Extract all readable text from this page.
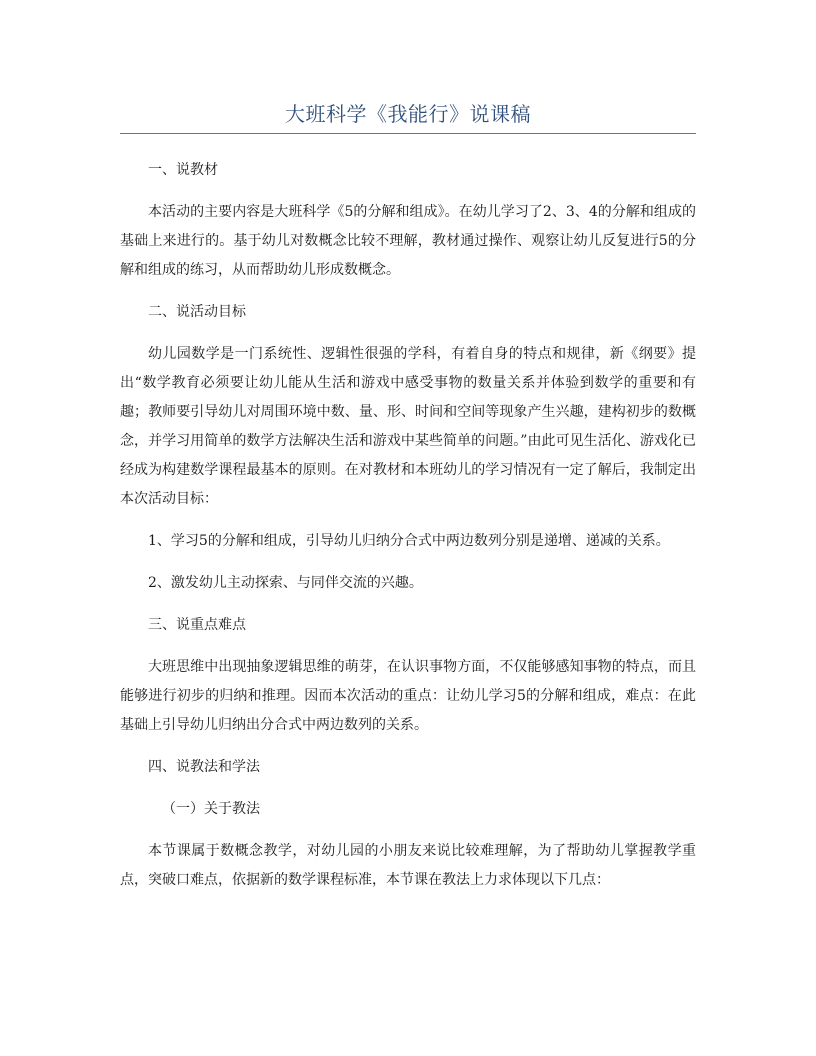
大班科学《我能行》说课稿

一、说教材

本活动的主要内容是大班科学《5的分解和组成》。在幼儿学习了2、3、4的分解和组成的基础上来进行的。基于幼儿对数概念比较不理解，教材通过操作、观察让幼儿反复进行5的分解和组成的练习，从而帮助幼儿形成数概念。

二、说活动目标

幼儿园数学是一门系统性、逻辑性很强的学科，有着自身的特点和规律，新《纲要》提出“数学教育必须要让幼儿能从生活和游戏中感受事物的数量关系并体验到数学的重要和有趣；教师要引导幼儿对周围环境中数、量、形、时间和空间等现象产生兴趣，建构初步的数概念，并学习用简单的数学方法解决生活和游戏中某些简单的问题。”由此可见生活化、游戏化已经成为构建数学课程最基本的原则。在对教材和本班幼儿的学习情况有一定了解后，我制定出本次活动目标：

1、学习5的分解和组成，引导幼儿归纳分合式中两边数列分别是递增、递减的关系。

2、激发幼儿主动探索、与同伴交流的兴趣。

三、说重点难点

大班思维中出现抽象逻辑思维的萌芽，在认识事物方面，不仅能够感知事物的特点，而且能够进行初步的归纳和推理。因而本次活动的重点：让幼儿学习5的分解和组成，难点：在此基础上引导幼儿归纳出分合式中两边数列的关系。

四、说教法和学法

（一）关于教法

本节课属于数概念教学，对幼儿园的小朋友来说比较难理解，为了帮助幼儿掌握教学重点，突破口难点，依据新的数学课程标准，本节课在教法上力求体现以下几点：
